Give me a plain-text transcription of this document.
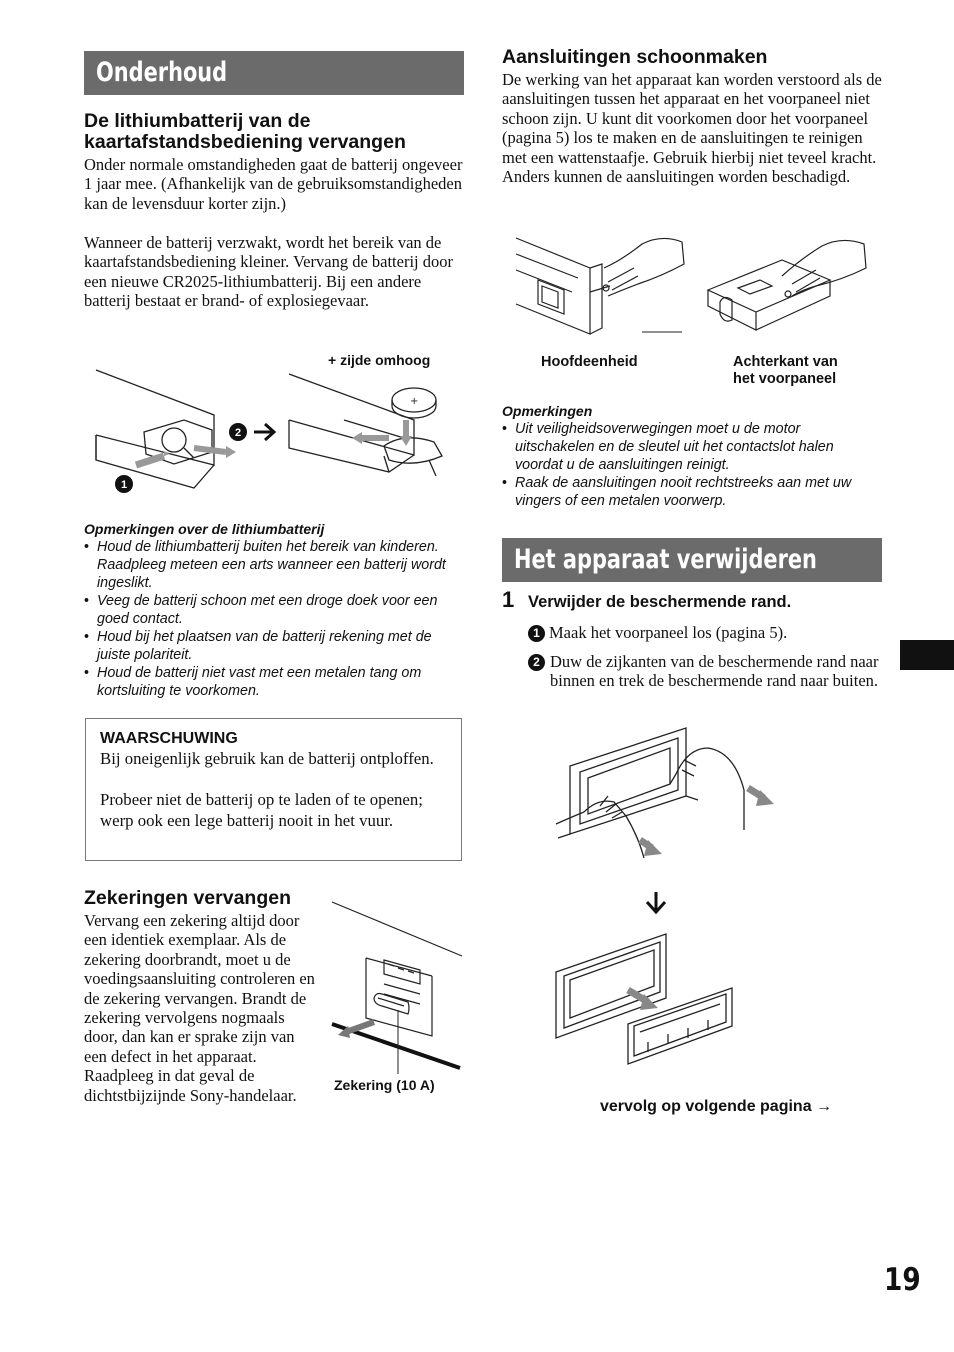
Onderhoud
De lithiumbatterij van de kaartafstandsbediening vervangen
Onder normale omstandigheden gaat de batterij ongeveer 1 jaar mee. (Afhankelijk van de gebruiksomstandigheden kan de levensduur korter zijn.)
Wanneer de batterij verzwakt, wordt het bereik van de kaartafstandsbediening kleiner. Vervang de batterij door een nieuwe CR2025-lithiumbatterij. Bij een andere batterij bestaat er brand- of explosiegevaar.
+ zijde omhoog
1
2
+
Opmerkingen over de lithiumbatterij
• Houd de lithiumbatterij buiten het bereik van kinderen. Raadpleeg meteen een arts wanneer een batterij wordt ingeslikt.
• Veeg de batterij schoon met een droge doek voor een goed contact.
• Houd bij het plaatsen van de batterij rekening met de juiste polariteit.
• Houd de batterij niet vast met een metalen tang om kortsluiting te voorkomen.
WAARSCHUWING
Bij oneigenlijk gebruik kan de batterij ontploffen.
Probeer niet de batterij op te laden of te openen; werp ook een lege batterij nooit in het vuur.
Zekeringen vervangen
Vervang een zekering altijd door een identiek exemplaar. Als de zekering doorbrandt, moet u de voedingsaansluiting controleren en de zekering vervangen. Brandt de zekering vervolgens nogmaals door, dan kan er sprake zijn van een defect in het apparaat. Raadpleeg in dat geval de dichtstbijzijnde Sony-handelaar.
Zekering (10 A)
Aansluitingen schoonmaken
De werking van het apparaat kan worden verstoord als de aansluitingen tussen het apparaat en het voorpaneel niet schoon zijn. U kunt dit voorkomen door het voorpaneel (pagina 5) los te maken en de aansluitingen te reinigen met een wattenstaafje. Gebruik hierbij niet teveel kracht. Anders kunnen de aansluitingen worden beschadigd.
Hoofdeenheid	Achterkant van
het voorpaneel
Opmerkingen
• Uit veiligheidsoverwegingen moet u de motor uitschakelen en de sleutel uit het contactslot halen voordat u de aansluitingen reinigt.
• Raak de aansluitingen nooit rechtstreeks aan met uw vingers of een metalen voorwerp.
Het apparaat verwijderen
1 Verwijder de beschermende rand.
1 Maak het voorpaneel los (pagina 5).
2 Duw de zijkanten van de beschermende rand naar binnen en trek de beschermende rand naar buiten.
vervolg op volgende pagina →
19
